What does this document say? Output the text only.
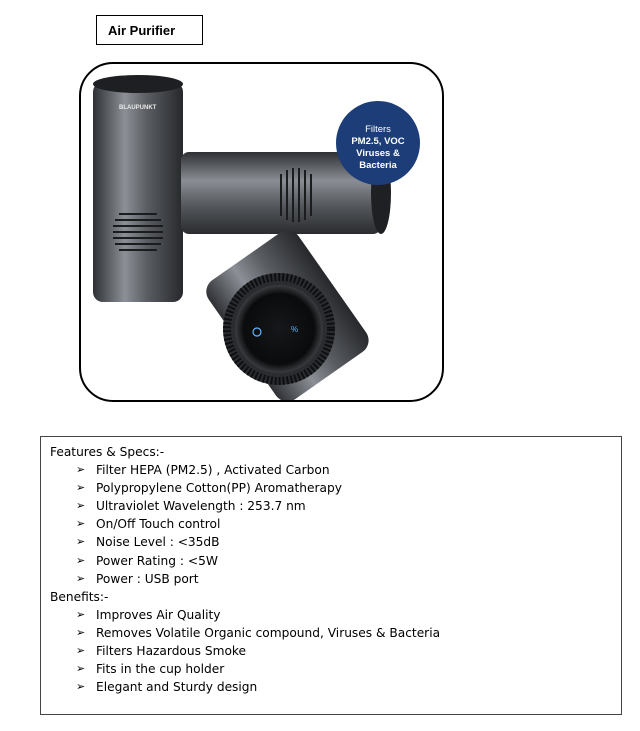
Air Purifier
BLAUPUNKT
%
Filters
PM2.5, VOC
Viruses &
Bacteria

Features & Specs:-

➢ Filter HEPA (PM2.5) , Activated Carbon
➢ Polypropylene Cotton(PP) Aromatherapy
➢ Ultraviolet Wavelength : 253.7 nm
➢ On/Off Touch control
➢ Noise Level : <35dB
➢ Power Rating : <5W
➢ Power : USB port

Benefits:-

➢ Improves Air Quality
➢ Removes Volatile Organic compound, Viruses & Bacteria
➢ Filters Hazardous Smoke
➢ Fits in the cup holder
➢ Elegant and Sturdy design
